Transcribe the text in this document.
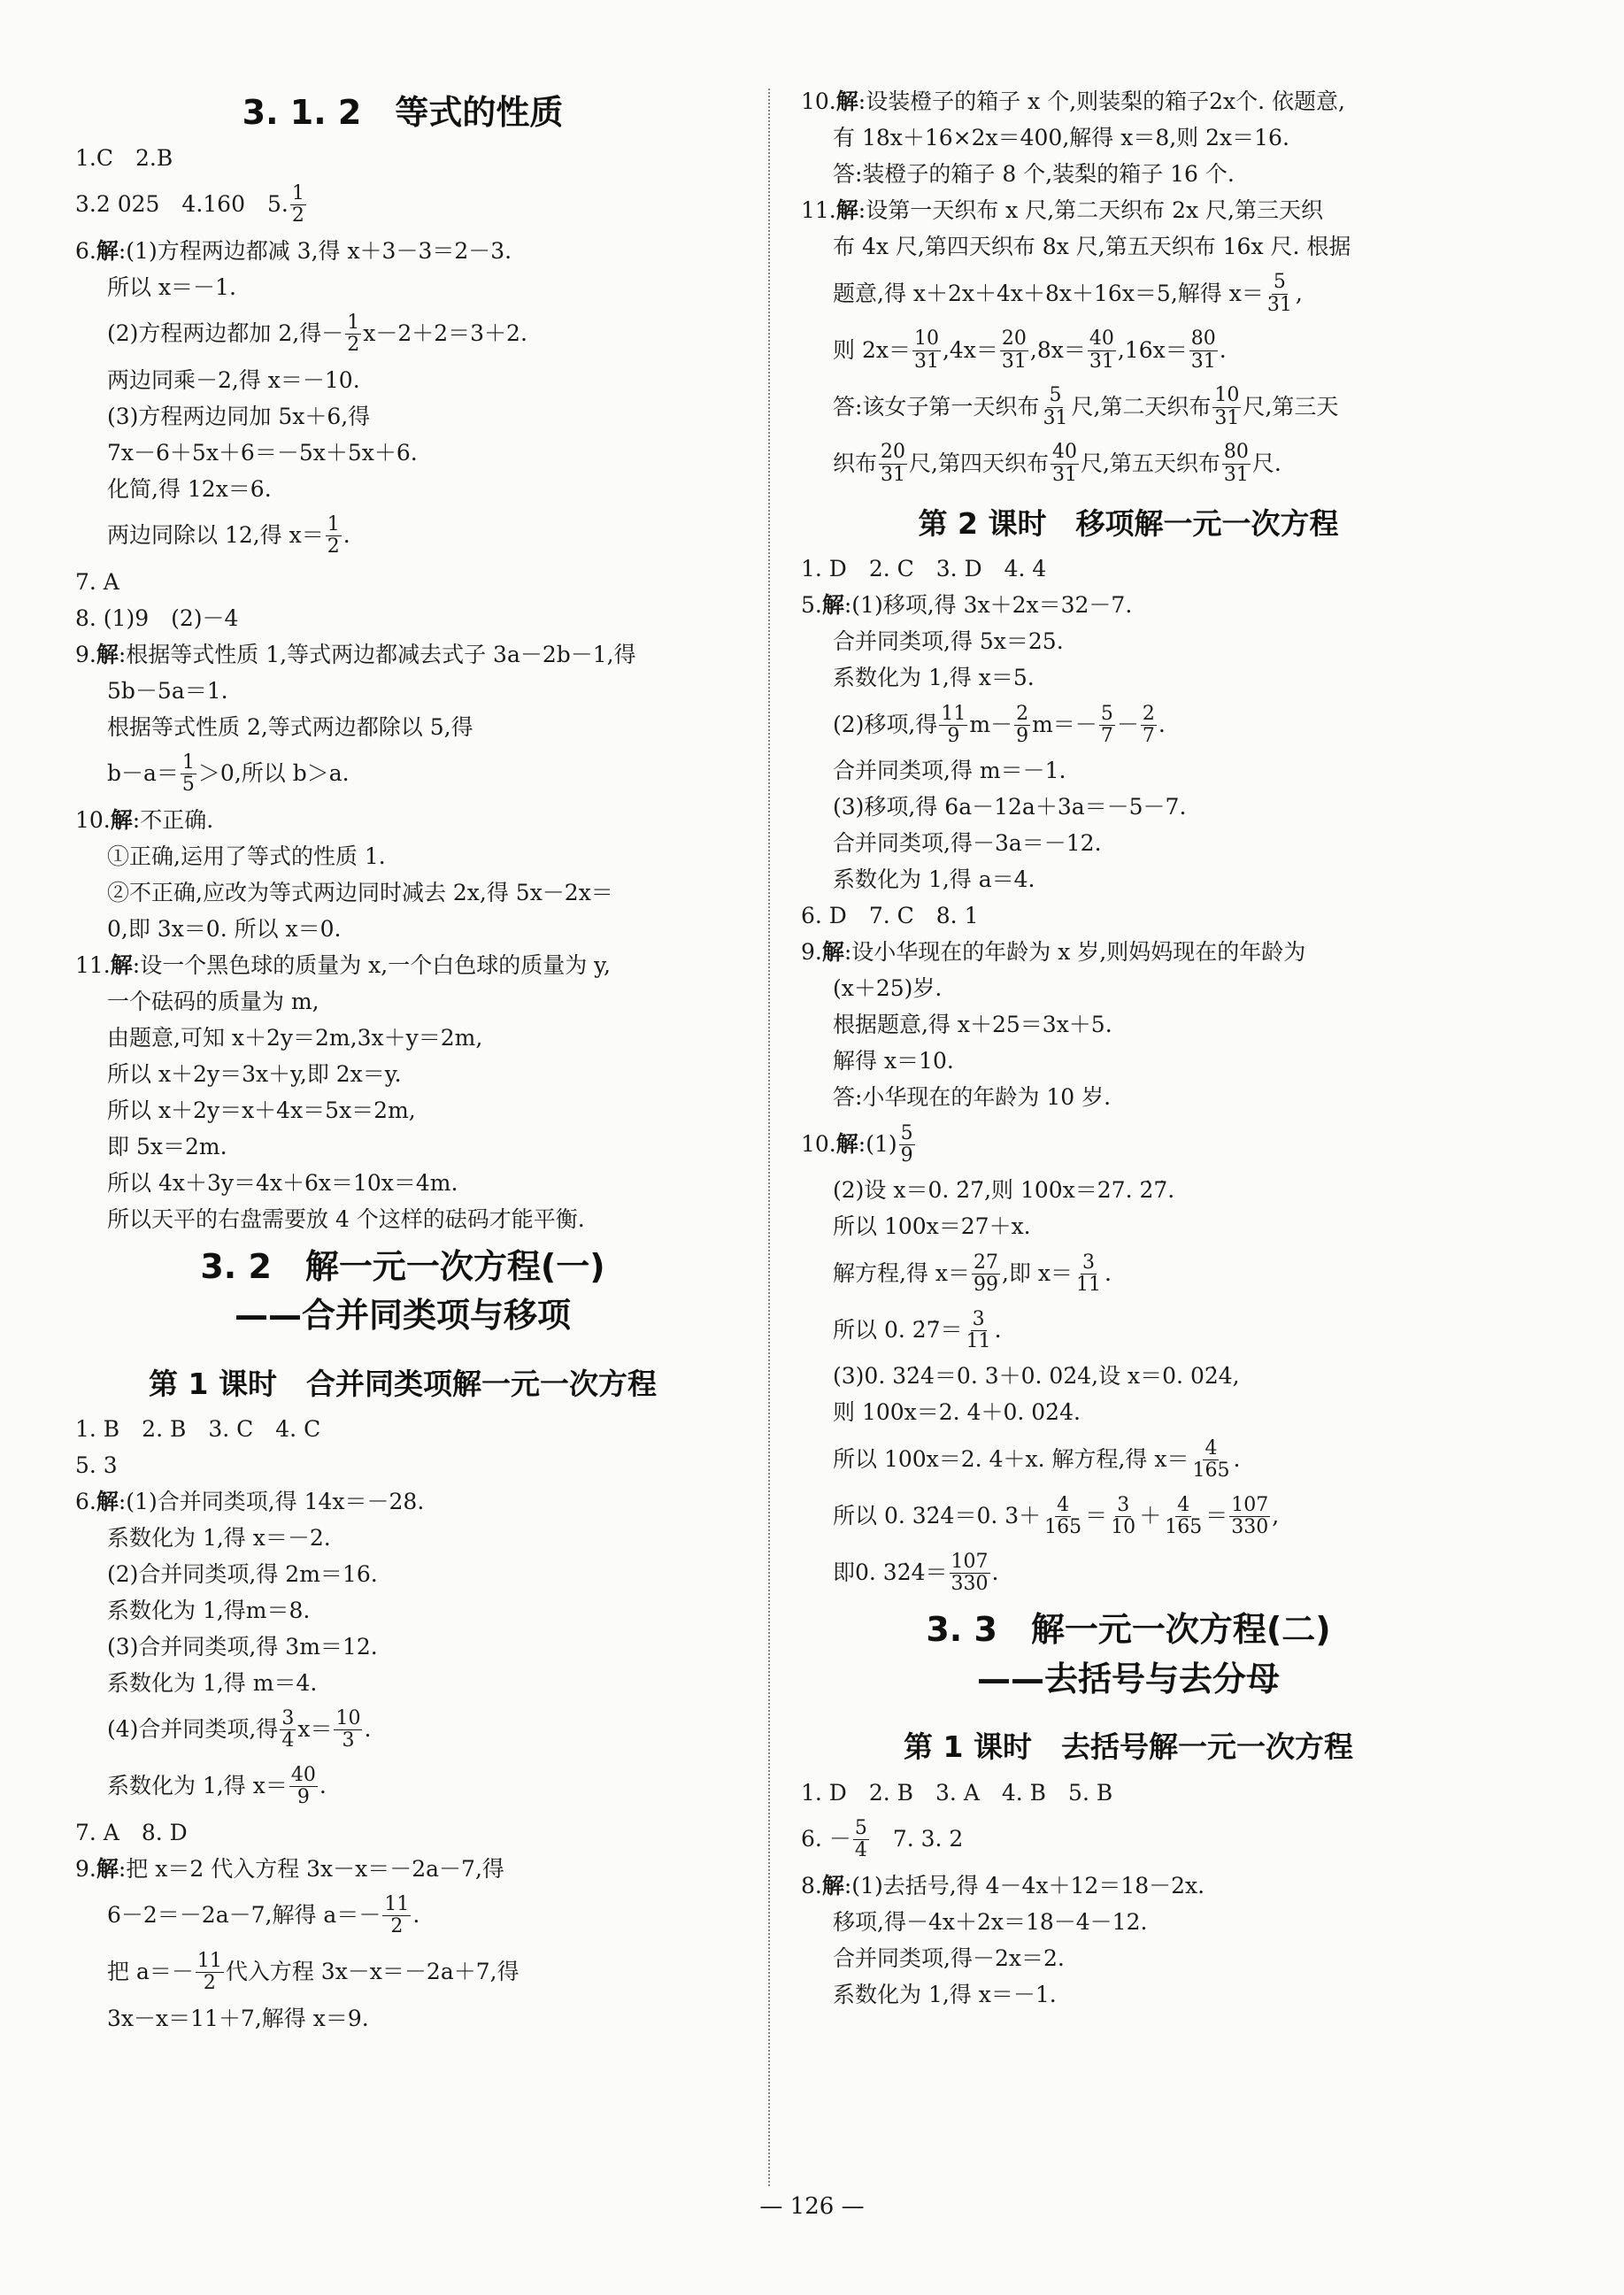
3. 1. 2　等式的性质
1.C　2.B
3.2 025　4.160　5. $\frac{1}{2}$
6. 解 :(1)方程两边都减 3,得 x＋3－3＝2－3.
所以 x＝－1.
(2)方程两边都加 2,得－ $\frac{1}{2} x-2+2=3+2$.
两边同乘－2,得 x＝－10.
(3)方程两边同加 5x＋6,得
7x－6＋5x＋6＝－5x＋5x＋6.
化简,得 12x＝6.
两边同除以 12,得 $x= \frac{1}{2}$ .
7. A
8. (1)9　(2)－4
9. 解 :根据等式性质 1,等式两边都减去式子 3a－2b－1,得
5b－5a＝1.
根据等式性质 2,等式两边都除以 5,得
$b-a= \frac{1}{5} >0$,所以 b＞a.
10. 解 :不正确.
①正确,运用了等式的性质 1.
②不正确,应改为等式两边同时减去 2x,得 5x－2x＝
0,即 3x＝0. 所以 x＝0.
11. 解 :设一个黑色球的质量为 x,一个白色球的质量为 y,
一个砝码的质量为 m,
由题意,可知 x＋2y＝2m,3x＋y＝2m,
所以 x＋2y＝3x＋y,即 2x＝y.
所以 x＋2y＝x＋4x＝5x＝2m,
即 5x＝2m.
所以 4x＋3y＝4x＋6x＝10x＝4m.
所以天平的右盘需要放 4 个这样的砝码才能平衡.
3. 2　解一元一次方程(一)
——合并同类项与移项
第 1 课时　合并同类项解一元一次方程
1. B　2. B　3. C　4. C
5. 3
6. 解 :(1)合并同类项,得 14x＝－28.
系数化为 1,得 x＝－2.
(2)合并同类项,得 2m＝16.
系数化为 1,得m＝8.
(3)合并同类项,得 3m＝12.
系数化为 1,得 m＝4.
(4)合并同类项,得 $\frac{3}{4} x= \frac{10}{3}$ .
系数化为 1,得 $x= \frac{40}{9}$ .
7. A　8. D
9. 解 :把 x＝2 代入方程 3x－x＝－2a－7,得
6－2＝－2a－7,解得 $a=- \frac{11}{2}$ .
把 $a=- \frac{11}{2}$ 代入方程 3x－x＝－2a＋7,得
3x－x＝11＋7,解得 x＝9.
10. 解 :设装橙子的箱子 x 个,则装梨的箱子2x个. 依题意,
有 18x＋16×2x＝400,解得 x＝8,则 2x＝16.
答:装橙子的箱子 8 个,装梨的箱子 16 个.
11. 解 :设第一天织布 x 尺,第二天织布 2x 尺,第三天织
布 4x 尺,第四天织布 8x 尺,第五天织布 16x 尺. 根据
题意,得 x＋2x＋4x＋8x＋16x＝5,解得 $x= \frac{5}{31}$ ,
则 $2x= \frac{10}{31} ,4x= \frac{20}{31} ,8x= \frac{40}{31} ,16x= \frac{80}{31}$ .
答:该女子第一天织布 $\frac{5}{31}$ 尺,第二天织布 $\frac{10}{31}$ 尺,第三天
织布 $\frac{20}{31}$ 尺,第四天织布 $\frac{40}{31}$ 尺,第五天织布 $\frac{80}{31}$ 尺.
第 2 课时　移项解一元一次方程
1. D　2. C　3. D　4. 4
5. 解 :(1)移项,得 3x＋2x＝32－7.
合并同类项,得 5x＝25.
系数化为 1,得 x＝5.
(2)移项,得 $\frac{11}{9} m- \frac{2}{9} m=- \frac{5}{7} - \frac{2}{7}$ .
合并同类项,得 m＝－1.
(3)移项,得 6a－12a＋3a＝－5－7.
合并同类项,得－3a＝－12.
系数化为 1,得 a＝4.
6. D　7. C　8. 1
9. 解 :设小华现在的年龄为 x 岁,则妈妈现在的年龄为
(x＋25)岁.
根据题意,得 x＋25＝3x＋5.
解得 x＝10.
答:小华现在的年龄为 10 岁.
10. 解 :(1) $\frac{5}{9}$
(2)设 x＝0. 2̇7̇,则 100x＝27. 2̇7̇.
所以 100x＝27＋x.
解方程,得 $x= \frac{27}{99}$ ,即 $x= \frac{3}{11}$ .
所以 0. 2̇7̇＝ $\frac{3}{11}$ .
(3)0. 32̇4̇＝0. 3＋0. 02̇4̇,设 x＝0. 02̇4̇,
则 100x＝2. 4＋0. 02̇4̇.
所以 100x＝2. 4＋x. 解方程,得 $x= \frac{4}{165}$ .
所以 0. 32̇4̇＝0. $3+ \frac{4}{165} = \frac{3}{10} + \frac{4}{165} = \frac{107}{330}$ ,
即0. 32̇4̇＝ $\frac{107}{330}$ .
3. 3　解一元一次方程(二)
——去括号与去分母
第 1 课时　去括号解一元一次方程
1. D　2. B　3. A　4. B　5. B
6. － $\frac{5}{4}$ 　7. 3. 2
8. 解 :(1)去括号,得 4－4x＋12＝18－2x.
移项,得－4x＋2x＝18－4－12.
合并同类项,得－2x＝2.
系数化为 1,得 x＝－1.
— 126 —
